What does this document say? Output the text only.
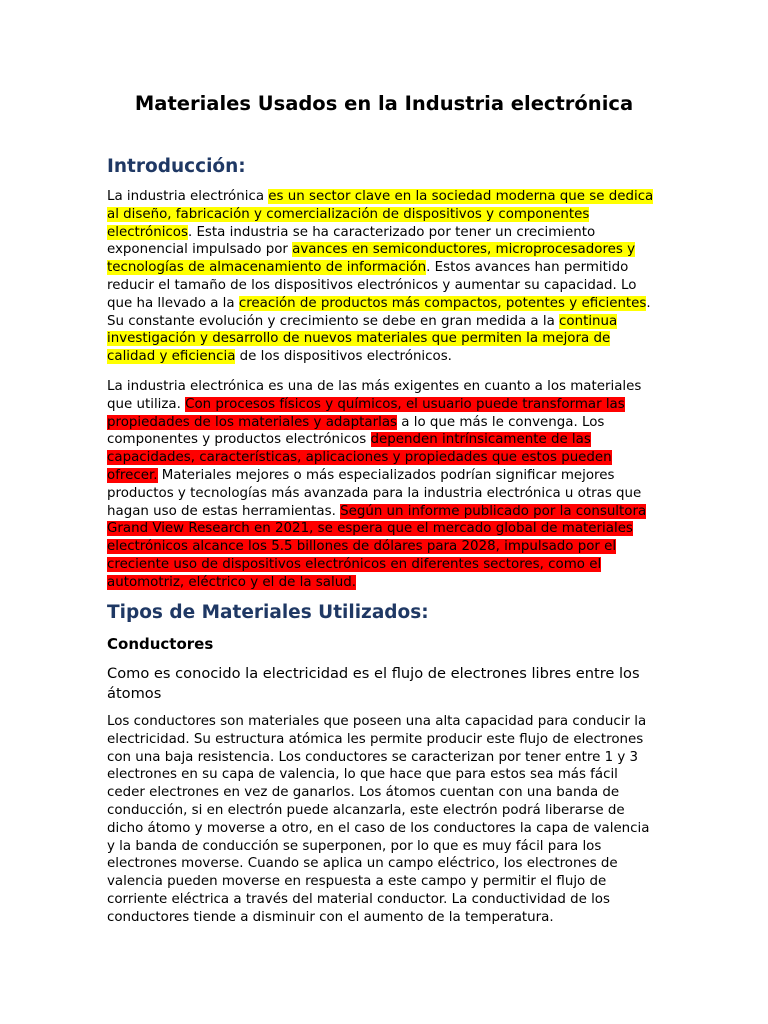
Materiales Usados en la Industria electrónica
Introducción:

La industria electrónica es un sector clave en la sociedad moderna que se dedica al diseño, fabricación y comercialización de dispositivos y componentes electrónicos. Esta industria se ha caracterizado por tener un crecimiento exponencial impulsado por avances en semiconductores, microprocesadores y tecnologías de almacenamiento de información. Estos avances han permitido reducir el tamaño de los dispositivos electrónicos y aumentar su capacidad. Lo que ha llevado a la creación de productos más compactos, potentes y eficientes. Su constante evolución y crecimiento se debe en gran medida a la continua investigación y desarrollo de nuevos materiales que permiten la mejora de calidad y eficiencia de los dispositivos electrónicos.

La industria electrónica es una de las más exigentes en cuanto a los materiales que utiliza. Con procesos físicos y químicos, el usuario puede transformar las propiedades de los materiales y adaptarlas a lo que más le convenga. Los componentes y productos electrónicos dependen intrínsicamente de las capacidades, características, aplicaciones y propiedades que estos pueden ofrecer. Materiales mejores o más especializados podrían significar mejores productos y tecnologías más avanzada para la industria electrónica u otras que hagan uso de estas herramientas. Según un informe publicado por la consultora Grand View Research en 2021, se espera que el mercado global de materiales electrónicos alcance los 5.5 billones de dólares para 2028, impulsado por el creciente uso de dispositivos electrónicos en diferentes sectores, como el automotriz, eléctrico y el de la salud.

Tipos de Materiales Utilizados:
Conductores

Como es conocido la electricidad es el flujo de electrones libres entre los átomos

Los conductores son materiales que poseen una alta capacidad para conducir la electricidad. Su estructura atómica les permite producir este flujo de electrones con una baja resistencia. Los conductores se caracterizan por tener entre 1 y 3 electrones en su capa de valencia, lo que hace que para estos sea más fácil ceder electrones en vez de ganarlos. Los átomos cuentan con una banda de conducción, si en electrón puede alcanzarla, este electrón podrá liberarse de dicho átomo y moverse a otro, en el caso de los conductores la capa de valencia y la banda de conducción se superponen, por lo que es muy fácil para los electrones moverse. Cuando se aplica un campo eléctrico, los electrones de valencia pueden moverse en respuesta a este campo y permitir el flujo de corriente eléctrica a través del material conductor. La conductividad de los conductores tiende a disminuir con el aumento de la temperatura.
